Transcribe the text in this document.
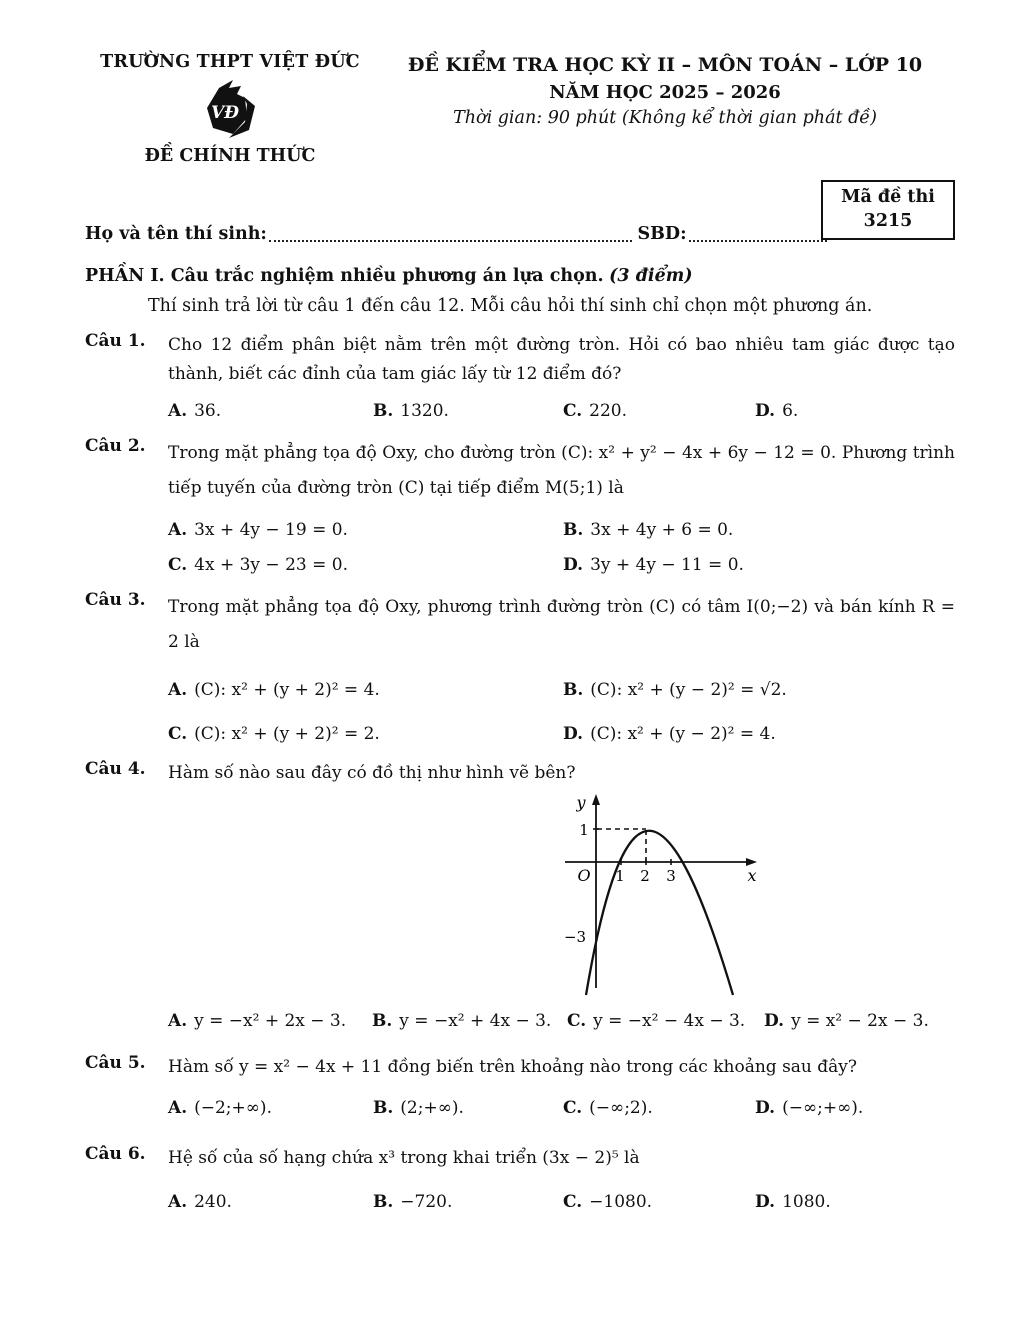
TRƯỜNG THPT VIỆT ĐỨC
VĐ
ĐỀ CHÍNH THỨC
ĐỀ KIỂM TRA HỌC KỲ II – MÔN TOÁN – LỚP 10
NĂM HỌC 2025 – 2026
Thời gian: 90 phút (Không kể thời gian phát đề)
Họ và tên thí sinh:	SBD:
Mã đề thi
3215
PHẦN I. Câu trắc nghiệm nhiều phương án lựa chọn. (3 điểm)
Thí sinh trả lời từ câu 1 đến câu 12. Mỗi câu hỏi thí sinh chỉ chọn một phương án.
Câu 1.	Cho 12 điểm phân biệt nằm trên một đường tròn. Hỏi có bao nhiêu tam giác được tạo thành, biết các đỉnh của tam giác lấy từ 12 điểm đó?
A. 36.	B. 1320.	C. 220.	D. 6.
Câu 2.	Trong mặt phẳng tọa độ Oxy, cho đường tròn (C): x² + y² − 4x + 6y − 12 = 0. Phương trình tiếp tuyến của đường tròn (C) tại tiếp điểm M(5;1) là
A. 3x + 4y − 19 = 0.	B. 3x + 4y + 6 = 0.
C. 4x + 3y − 23 = 0.	D. 3y + 4y − 11 = 0.
Câu 3.	Trong mặt phẳng tọa độ Oxy, phương trình đường tròn (C) có tâm I(0;−2) và bán kính R = 2 là
A. (C): x² + (y + 2)² = 4.	B. (C): x² + (y − 2)² = √2.
C. (C): x² + (y + 2)² = 2.	D. (C): x² + (y − 2)² = 4.
Câu 4.	Hàm số nào sau đây có đồ thị như hình vẽ bên?
y
x
O 1 2 3
1
−3
A. y = −x² + 2x − 3.	B. y = −x² + 4x − 3. C. y = −x² − 4x − 3.	D. y = x² − 2x − 3.
Câu 5.	Hàm số y = x² − 4x + 11 đồng biến trên khoảng nào trong các khoảng sau đây?
A. (−2;+∞).	B. (2;+∞).	C. (−∞;2).	D. (−∞;+∞).
Câu 6.	Hệ số của số hạng chứa x³ trong khai triển (3x − 2)⁵ là
A. 240.	B. −720.	C. −1080.	D. 1080.
